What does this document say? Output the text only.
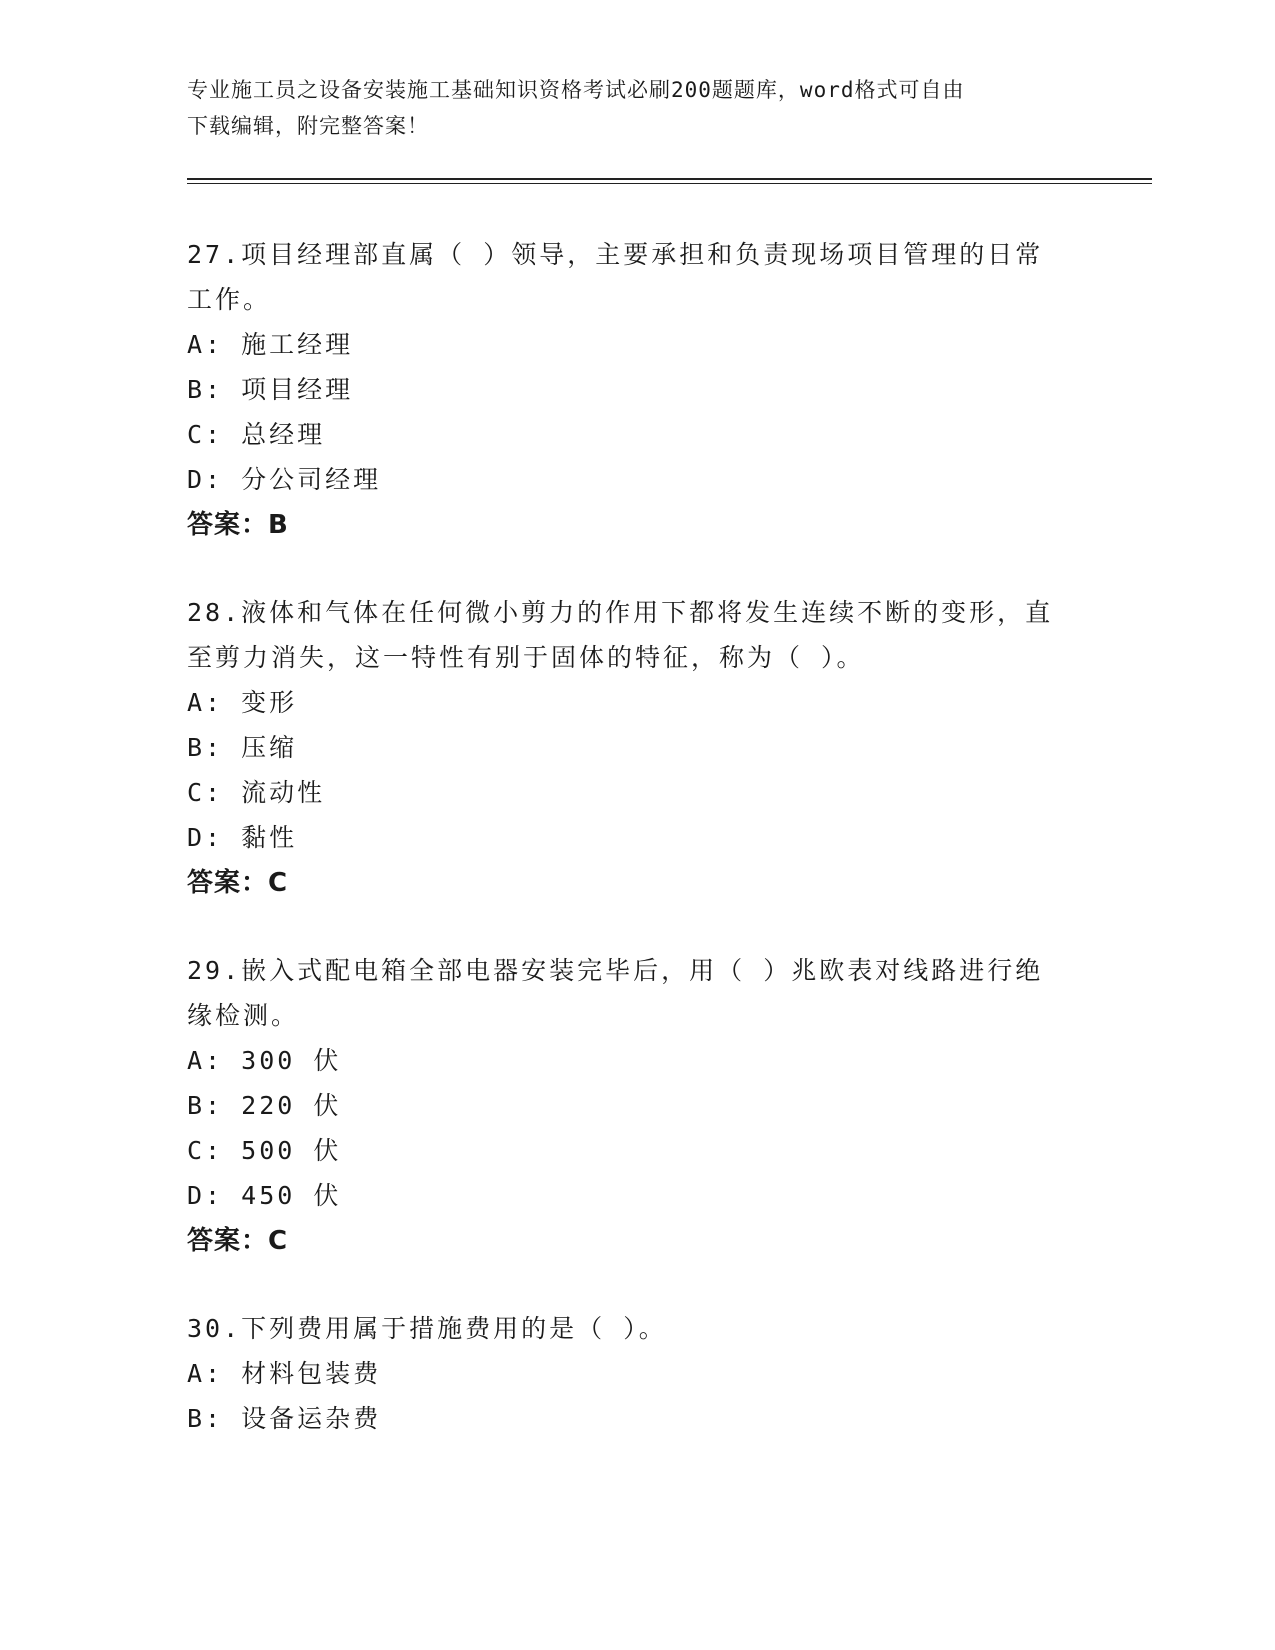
专业施工员之设备安装施工基础知识资格考试必刷200题题库，word格式可自由
下载编辑，附完整答案！
27.项目经理部直属（ ）领导，主要承担和负责现场项目管理的日常工作。
A: 施工经理
B: 项目经理
C: 总经理
D: 分公司经理
答案：B
28.液体和气体在任何微小剪力的作用下都将发生连续不断的变形，直至剪力消失，这一特性有别于固体的特征，称为（ ）。
A: 变形
B: 压缩
C: 流动性
D: 黏性
答案：C
29.嵌入式配电箱全部电器安装完毕后，用（ ）兆欧表对线路进行绝缘检测。
A: 300 伏
B: 220 伏
C: 500 伏
D: 450 伏
答案：C
30.下列费用属于措施费用的是（ ）。
A: 材料包装费
B: 设备运杂费
